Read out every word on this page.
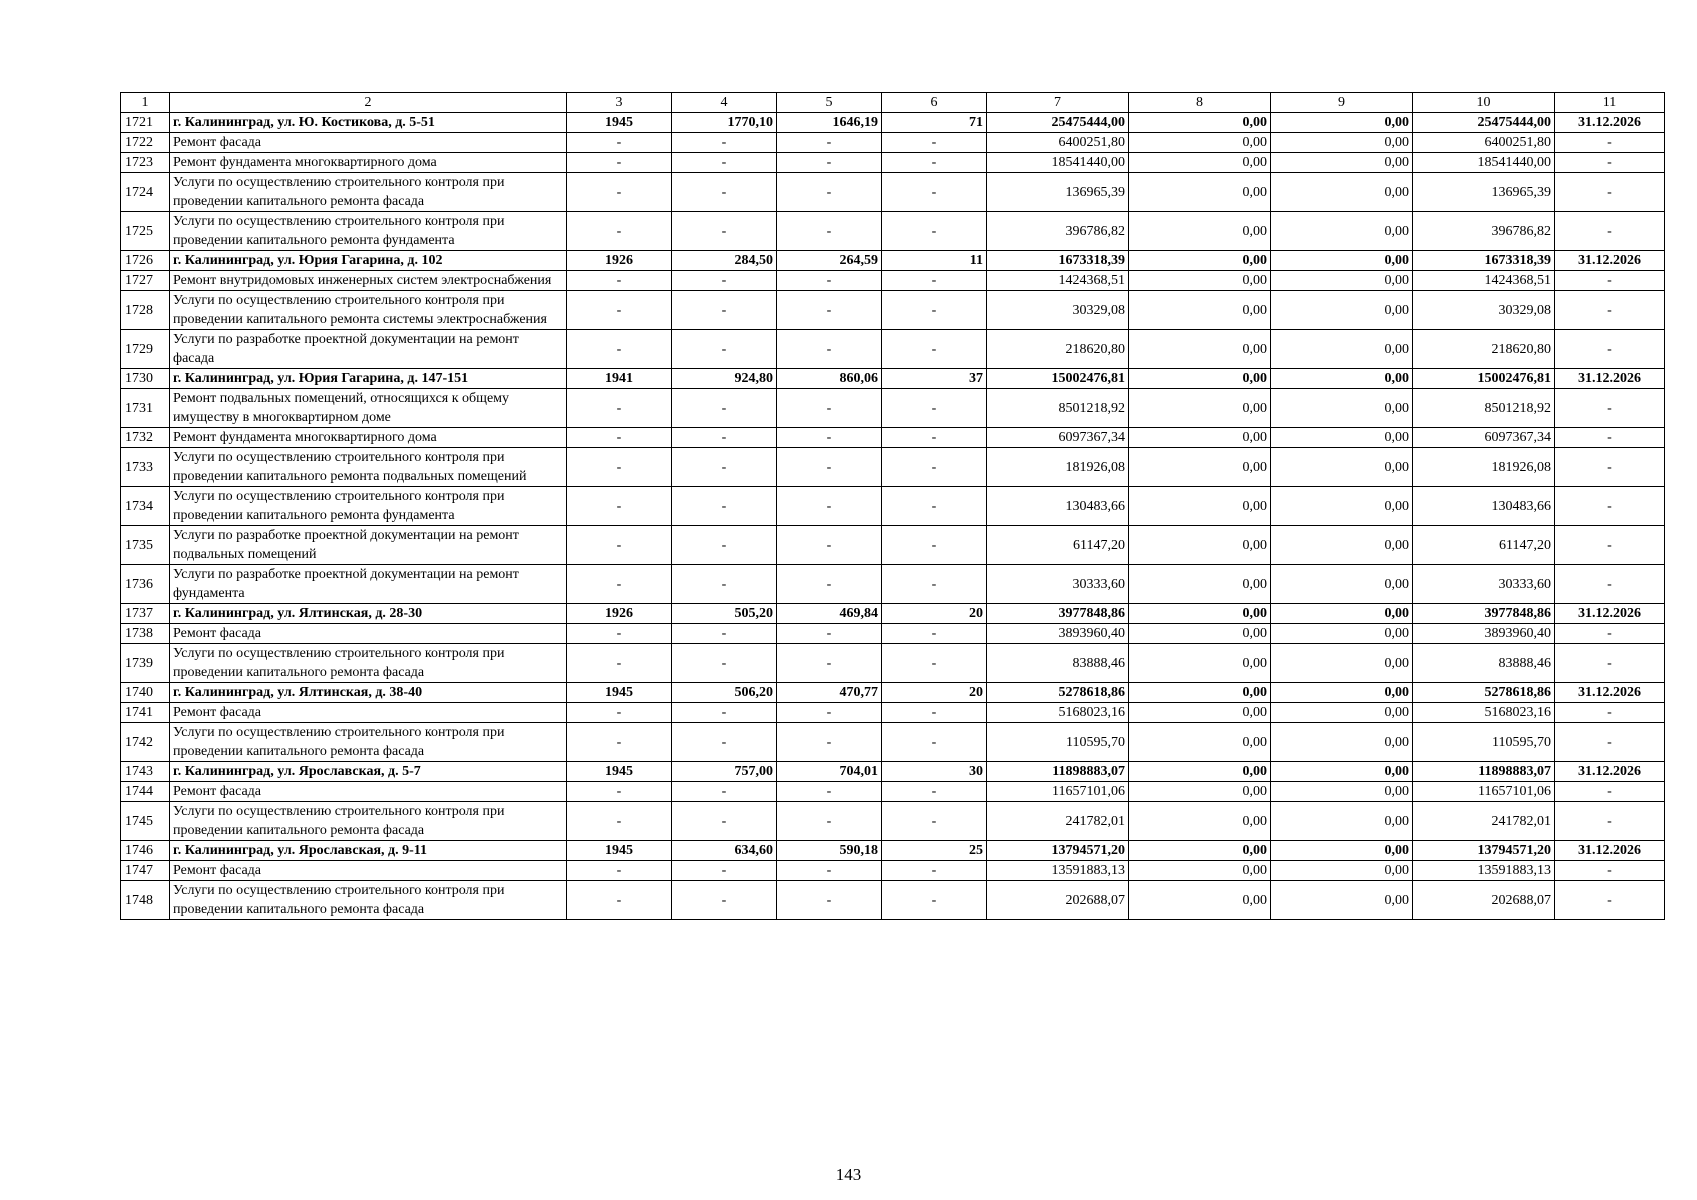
1	2	3	4	5	6	7	8	9	10	11
1721	г. Калининград, ул. Ю. Костикова, д. 5-51	1945	1770,10	1646,19	71	25475444,00	0,00	0,00	25475444,00	31.12.2026
1722	Ремонт фасада	-	-	-	-	6400251,80	0,00	0,00	6400251,80	-
1723	Ремонт фундамента многоквартирного дома	-	-	-	-	18541440,00	0,00	0,00	18541440,00	-
1724	Услуги по осуществлению строительного контроля при проведении капитального ремонта фасада	-	-	-	-	136965,39	0,00	0,00	136965,39	-
1725	Услуги по осуществлению строительного контроля при проведении капитального ремонта фундамента	-	-	-	-	396786,82	0,00	0,00	396786,82	-
1726	г. Калининград, ул. Юрия Гагарина, д. 102	1926	284,50	264,59	11	1673318,39	0,00	0,00	1673318,39	31.12.2026
1727	Ремонт внутридомовых инженерных систем электроснабжения	-	-	-	-	1424368,51	0,00	0,00	1424368,51	-
1728	Услуги по осуществлению строительного контроля при проведении капитального ремонта системы электроснабжения	-	-	-	-	30329,08	0,00	0,00	30329,08	-
1729	Услуги по разработке проектной документации на ремонт фасада	-	-	-	-	218620,80	0,00	0,00	218620,80	-
1730	г. Калининград, ул. Юрия Гагарина, д. 147-151	1941	924,80	860,06	37	15002476,81	0,00	0,00	15002476,81	31.12.2026
1731	Ремонт подвальных помещений, относящихся к общему имуществу в многоквартирном доме	-	-	-	-	8501218,92	0,00	0,00	8501218,92	-
1732	Ремонт фундамента многоквартирного дома	-	-	-	-	6097367,34	0,00	0,00	6097367,34	-
1733	Услуги по осуществлению строительного контроля при проведении капитального ремонта подвальных помещений	-	-	-	-	181926,08	0,00	0,00	181926,08	-
1734	Услуги по осуществлению строительного контроля при проведении капитального ремонта фундамента	-	-	-	-	130483,66	0,00	0,00	130483,66	-
1735	Услуги по разработке проектной документации на ремонт подвальных помещений	-	-	-	-	61147,20	0,00	0,00	61147,20	-
1736	Услуги по разработке проектной документации на ремонт фундамента	-	-	-	-	30333,60	0,00	0,00	30333,60	-
1737	г. Калининград, ул. Ялтинская, д. 28-30	1926	505,20	469,84	20	3977848,86	0,00	0,00	3977848,86	31.12.2026
1738	Ремонт фасада	-	-	-	-	3893960,40	0,00	0,00	3893960,40	-
1739	Услуги по осуществлению строительного контроля при проведении капитального ремонта фасада	-	-	-	-	83888,46	0,00	0,00	83888,46	-
1740	г. Калининград, ул. Ялтинская, д. 38-40	1945	506,20	470,77	20	5278618,86	0,00	0,00	5278618,86	31.12.2026
1741	Ремонт фасада	-	-	-	-	5168023,16	0,00	0,00	5168023,16	-
1742	Услуги по осуществлению строительного контроля при проведении капитального ремонта фасада	-	-	-	-	110595,70	0,00	0,00	110595,70	-
1743	г. Калининград, ул. Ярославская, д. 5-7	1945	757,00	704,01	30	11898883,07	0,00	0,00	11898883,07	31.12.2026
1744	Ремонт фасада	-	-	-	-	11657101,06	0,00	0,00	11657101,06	-
1745	Услуги по осуществлению строительного контроля при проведении капитального ремонта фасада	-	-	-	-	241782,01	0,00	0,00	241782,01	-
1746	г. Калининград, ул. Ярославская, д. 9-11	1945	634,60	590,18	25	13794571,20	0,00	0,00	13794571,20	31.12.2026
1747	Ремонт фасада	-	-	-	-	13591883,13	0,00	0,00	13591883,13	-
1748	Услуги по осуществлению строительного контроля при проведении капитального ремонта фасада	-	-	-	-	202688,07	0,00	0,00	202688,07	-
143
